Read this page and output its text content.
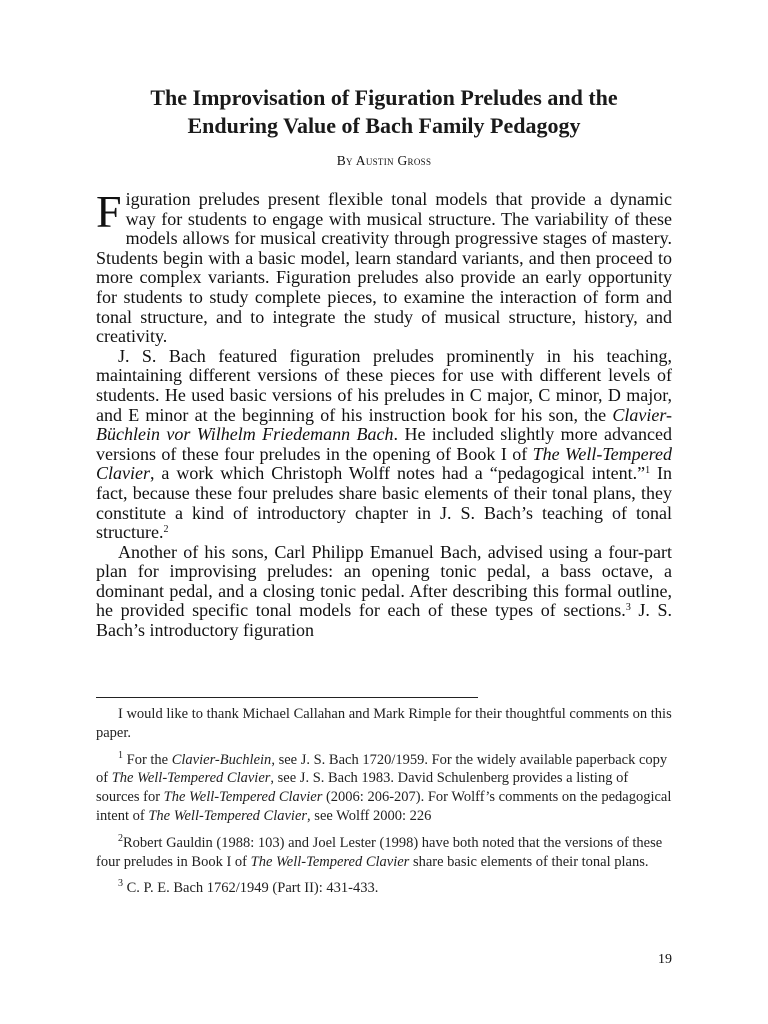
The Improvisation of Figuration Preludes and the
Enduring Value of Bach Family Pedagogy
By Austin Gross

Figuration preludes present flexible tonal models that provide a dynamic way for students to engage with musical structure. The variability of these models allows for musical creativity through progressive stages of mastery. Students begin with a basic model, learn standard variants, and then proceed to more complex variants. Figuration preludes also provide an early opportunity for students to study complete pieces, to examine the interaction of form and tonal structure, and to integrate the study of musical structure, history, and creativity.

J. S. Bach featured figuration preludes prominently in his teaching, maintaining different versions of these pieces for use with different levels of students. He used basic versions of his preludes in C major, C minor, D major, and E minor at the beginning of his instruction book for his son, the Clavier-Büchlein vor Wilhelm Friedemann Bach. He included slightly more advanced versions of these four preludes in the opening of Book I of The Well-Tempered Clavier, a work which Christoph Wolff notes had a “pedagogical intent.”$^1$ In fact, because these four preludes share basic elements of their tonal plans, they constitute a kind of introductory chapter in J. S. Bach’s teaching of tonal structure.$^2$

Another of his sons, Carl Philipp Emanuel Bach, advised using a four-part plan for improvising preludes: an opening tonic pedal, a bass octave, a dominant pedal, and a closing tonic pedal. After describing this formal outline, he provided specific tonal models for each of these types of sections.$^3$ J. S. Bach’s introductory figuration

I would like to thank Michael Callahan and Mark Rimple for their thoughtful comments on this paper.

$^1$ For the Clavier-Buchlein, see J. S. Bach 1720/1959. For the widely available paperback copy of The Well-Tempered Clavier, see J. S. Bach 1983. David Schulenberg provides a listing of sources for The Well-Tempered Clavier (2006: 206-207). For Wolff’s comments on the pedagogical intent of The Well-Tempered Clavier, see Wolff 2000: 226

$^2$Robert Gauldin (1988: 103) and Joel Lester (1998) have both noted that the versions of these four preludes in Book I of The Well-Tempered Clavier share basic elements of their tonal plans.

$^3$ C. P. E. Bach 1762/1949 (Part II): 431-433.

19
